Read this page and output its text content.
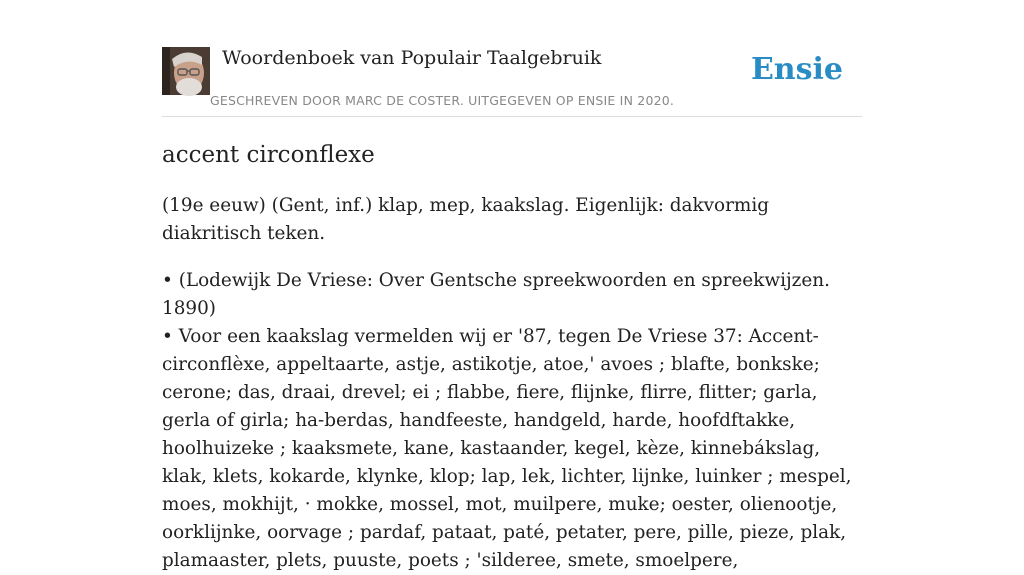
Woordenboek van Populair Taalgebruik
GESCHREVEN DOOR MARC DE COSTER. UITGEGEVEN OP ENSIE IN 2020.
Ensie
accent circonflexe

(19e eeuw) (Gent, inf.) klap, mep, kaakslag. Eigenlijk: dakvormig diakritisch teken.

• (Lodewijk De Vriese: Over Gentsche spreekwoorden en spreekwijzen. 1890)
• Voor een kaakslag vermelden wij er '87, tegen De Vriese 37: Accent-circonflèxe, appeltaarte, astje, astikotje, atoe,' avoes ; blafte, bonkske; cerone; das, draai, drevel; ei ; flabbe, fiere, flijnke, flirre, flitter; garla, gerla of girla; ha-berdas, handfeeste, handgeld, harde, hoofdftakke, hoolhuizeke ; kaaksmete, kane, kastaander, kegel, kèze, kinnebákslag, klak, klets, kokarde, klynke, klop; lap, lek, lichter, lijnke, luinker ; mespel, moes, mokhijt, · mokke, mossel, mot, muilpere, muke; oester, olienootje, oorklijnke, oorvage ; pardaf, pataat, paté, petater, pere, pille, pieze, plak, plamaaster, plets, puuste, poets ; 'silderee, smete, smoelpere,
